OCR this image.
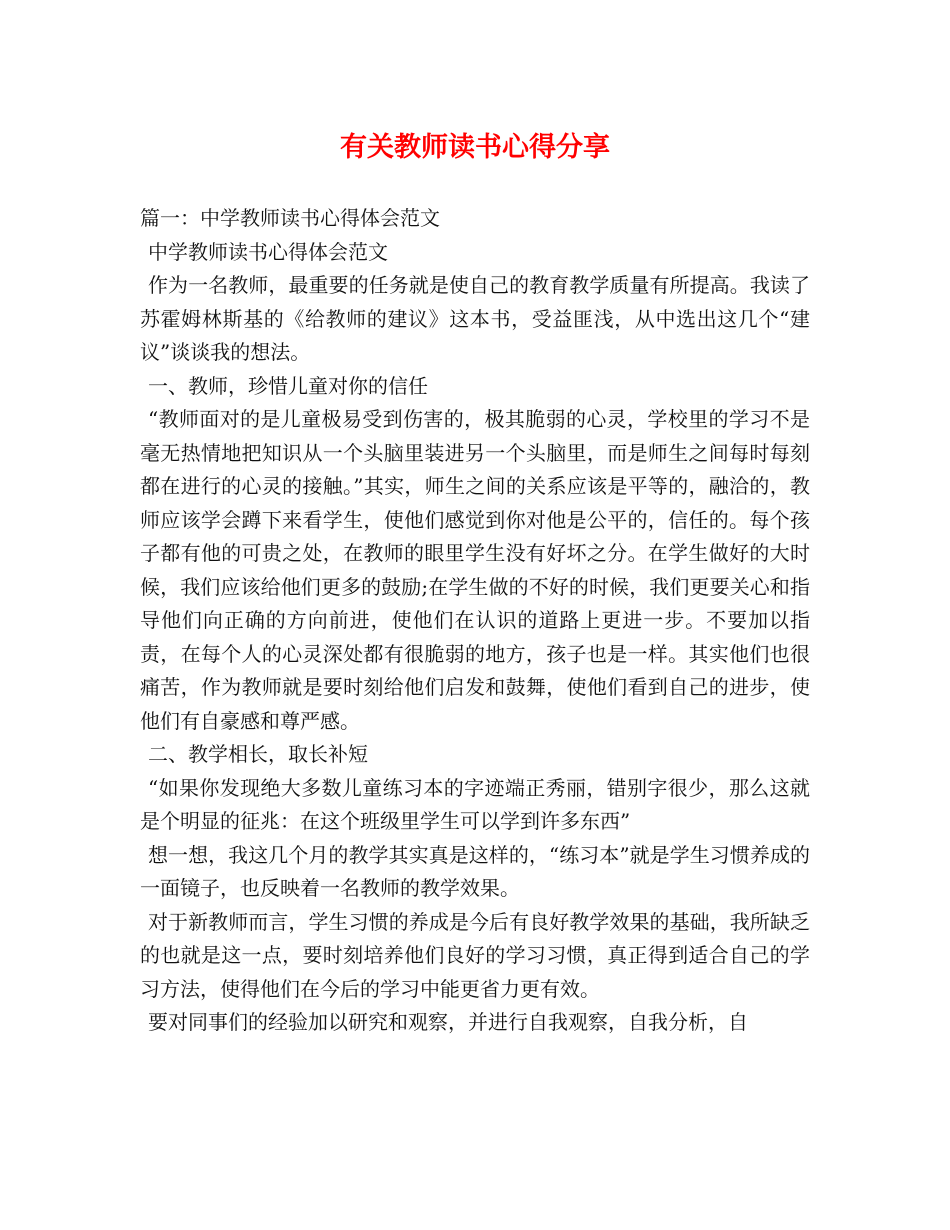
有关教师读书心得分享

篇一：中学教师读书心得体会范文

中学教师读书心得体会范文

作为一名教师，最重要的任务就是使自己的教育教学质量有所提高。我读了苏霍姆林斯基的《给教师的建议》这本书，受益匪浅，从中选出这几个“建议”谈谈我的想法。

一、教师，珍惜儿童对你的信任

“教师面对的是儿童极易受到伤害的，极其脆弱的心灵，学校里的学习不是毫无热情地把知识从一个头脑里装进另一个头脑里，而是师生之间每时每刻都在进行的心灵的接触。”其实，师生之间的关系应该是平等的，融洽的，教师应该学会蹲下来看学生，使他们感觉到你对他是公平的，信任的。每个孩子都有他的可贵之处，在教师的眼里学生没有好坏之分。在学生做好的大时候，我们应该给他们更多的鼓励;在学生做的不好的时候，我们更要关心和指导他们向正确的方向前进，使他们在认识的道路上更进一步。不要加以指责，在每个人的心灵深处都有很脆弱的地方，孩子也是一样。其实他们也很痛苦，作为教师就是要时刻给他们启发和鼓舞，使他们看到自己的进步，使他们有自豪感和尊严感。

二、教学相长，取长补短

“如果你发现绝大多数儿童练习本的字迹端正秀丽，错别字很少，那么这就是个明显的征兆：在这个班级里学生可以学到许多东西”

想一想，我这几个月的教学其实真是这样的，“练习本”就是学生习惯养成的一面镜子，也反映着一名教师的教学效果。

对于新教师而言，学生习惯的养成是今后有良好教学效果的基础，我所缺乏的也就是这一点，要时刻培养他们良好的学习习惯，真正得到适合自己的学习方法，使得他们在今后的学习中能更省力更有效。

要对同事们的经验加以研究和观察，并进行自我观察，自我分析，自
